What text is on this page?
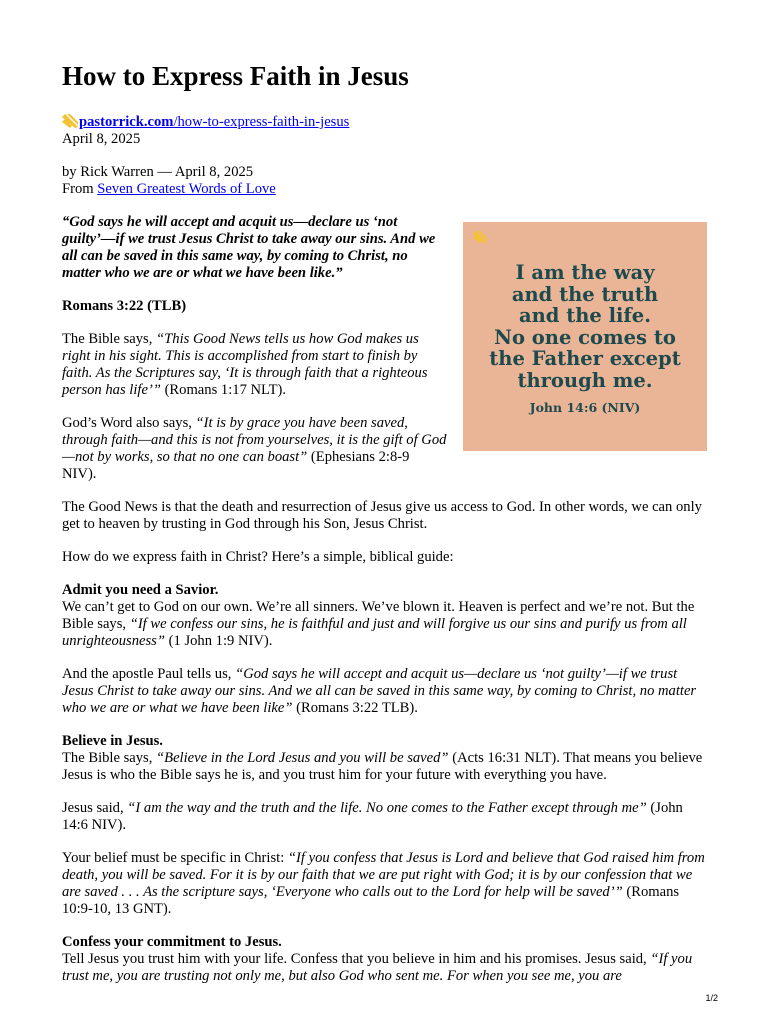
How to Express Faith in Jesus

pastorrick.com/how-to-express-faith-in-jesus

April 8, 2025

by Rick Warren — April 8, 2025

From Seven Greatest Words of Love

“God says he will accept and acquit us—declare us ‘not guilty’—if we trust Jesus Christ to take away our sins. And we all can be saved in this same way, by coming to Christ, no matter who we are or what we have been like.”

Romans 3:22 (TLB)

The Bible says, “This Good News tells us how God makes us right in his sight. This is accomplished from start to finish by faith. As the Scriptures say, ‘It is through faith that a righteous person has life’” (Romans 1:17 NLT).

God’s Word also says, “It is by grace you have been saved, through faith—and this is not from yourselves, it is the gift of God—not by works, so that no one can boast” (Ephesians 2:8-9 NIV).

The Good News is that the death and resurrection of Jesus give us access to God. In other words, we can only get to heaven by trusting in God through his Son, Jesus Christ.

How do we express faith in Christ? Here’s a simple, biblical guide:

Admit you need a Savior.
We can’t get to God on our own. We’re all sinners. We’ve blown it. Heaven is perfect and we’re not. But the Bible says, “If we confess our sins, he is faithful and just and will forgive us our sins and purify us from all unrighteousness” (1 John 1:9 NIV).

And the apostle Paul tells us, “God says he will accept and acquit us—declare us ‘not guilty’—if we trust Jesus Christ to take away our sins. And we all can be saved in this same way, by coming to Christ, no matter who we are or what we have been like” (Romans 3:22 TLB).

Believe in Jesus.
The Bible says, “Believe in the Lord Jesus and you will be saved” (Acts 16:31 NLT). That means you believe Jesus is who the Bible says he is, and you trust him for your future with everything you have.

Jesus said, “I am the way and the truth and the life. No one comes to the Father except through me” (John 14:6 NIV).

Your belief must be specific in Christ: “If you confess that Jesus is Lord and believe that God raised him from death, you will be saved. For it is by our faith that we are put right with God; it is by our confession that we are saved . . . As the scripture says, ‘Everyone who calls out to the Lord for help will be saved’” (Romans 10:9-10, 13 GNT).

Confess your commitment to Jesus.
Tell Jesus you trust him with your life. Confess that you believe in him and his promises. Jesus said, “If you trust me, you are trusting not only me, but also God who sent me. For when you see me, you are

I am the way
and the truth
and the life.
No one comes to
the Father except
through me.
John 14:6 (NIV)
1/2
